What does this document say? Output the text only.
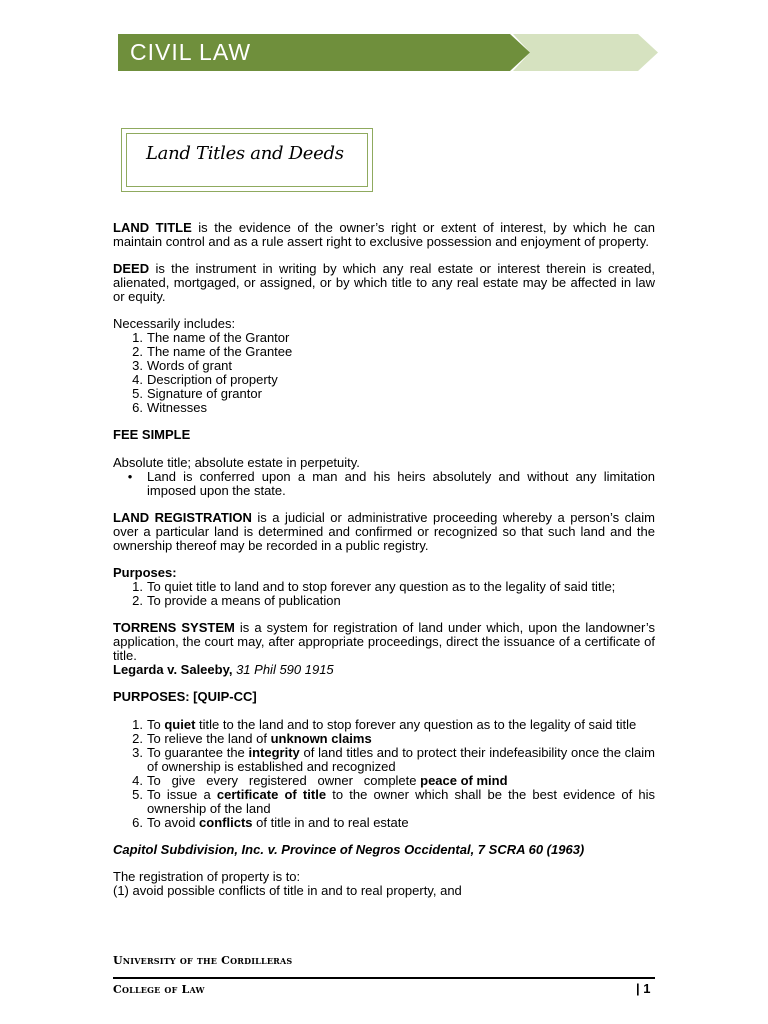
CIVIL LAW
Land Titles and Deeds

LAND TITLE is the evidence of the owner’s right or extent of interest, by which he can maintain control and as a rule assert right to exclusive possession and enjoyment of property.

DEED is the instrument in writing by which any real estate or interest therein is created, alienated, mortgaged, or assigned, or by which title to any real estate may be affected in law or equity.

Necessarily includes:

1. The name of the Grantor
2. The name of the Grantee
3. Words of grant
4. Description of property
5. Signature of grantor
6. Witnesses

FEE SIMPLE

Absolute title; absolute estate in perpetuity.

•	Land is conferred upon a man and his heirs absolutely and without any limitation imposed upon the state.

LAND REGISTRATION is a judicial or administrative proceeding whereby a person’s claim over a particular land is determined and confirmed or recognized so that such land and the ownership thereof may be recorded in a public registry.

Purposes:

1. To quiet title to land and to stop forever any question as to the legality of said title;
2. To provide a means of publication

TORRENS SYSTEM is a system for registration of land under which, upon the landowner’s application, the court may, after appropriate proceedings, direct the issuance of a certificate of title.

Legarda v. Saleeby, 31 Phil 590 1915

PURPOSES: [QUIP-CC]

1. To quiet title to the land and to stop forever any question as to the legality of said title
2. To relieve the land of unknown claims
3. To guarantee the integrity of land titles and to protect their indefeasibility once the claim of ownership is established and recognized
4. To   give   every   registered   owner   complete peace of mind
5. To issue a certificate of title to the owner which shall be the best evidence of his ownership of the land
6. To avoid conflicts of title in and to real estate

Capitol Subdivision, Inc. v. Province of Negros Occidental, 7 SCRA 60 (1963)

The registration of property is to:

(1) avoid possible conflicts of title in and to real property, and

University of the Cordilleras
College of Law	| 1
